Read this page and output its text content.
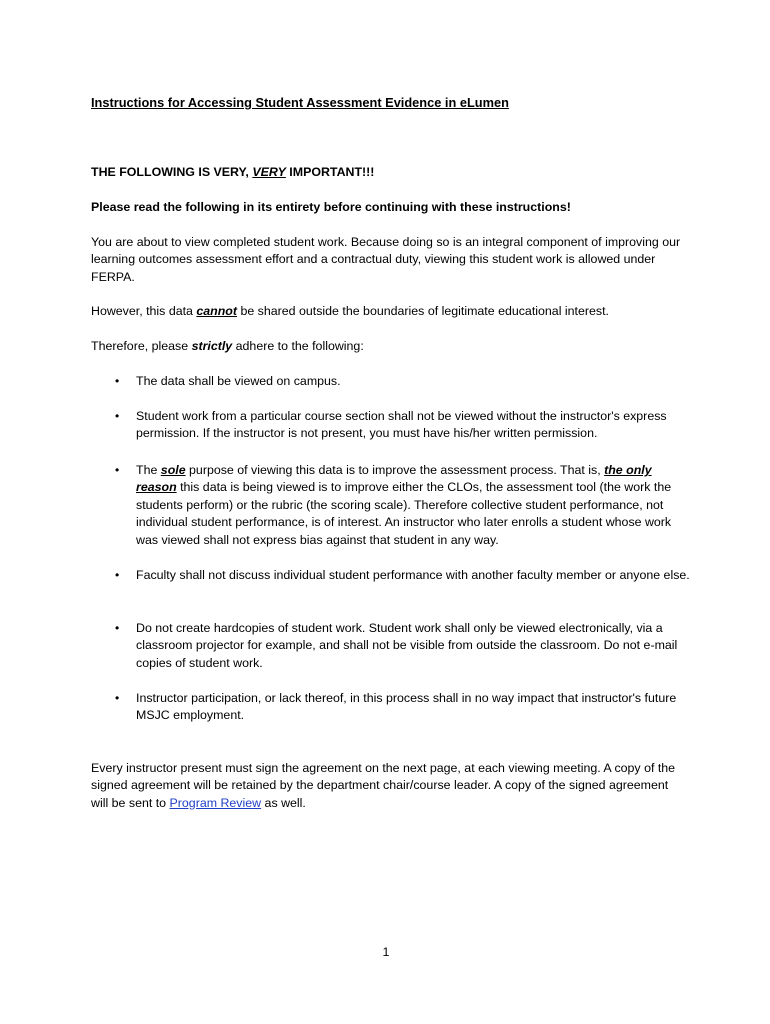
Instructions for Accessing Student Assessment Evidence in eLumen

THE FOLLOWING IS VERY, VERY IMPORTANT!!!

Please read the following in its entirety before continuing with these instructions!

You are about to view completed student work. Because doing so is an integral component of improving our learning outcomes assessment effort and a contractual duty, viewing this student work is allowed under FERPA.

However, this data cannot be shared outside the boundaries of legitimate educational interest.

Therefore, please strictly adhere to the following:

• The data shall be viewed on campus.
• Student work from a particular course section shall not be viewed without the instructor's express permission. If the instructor is not present, you must have his/her written permission.
• The sole purpose of viewing this data is to improve the assessment process. That is, the only reason this data is being viewed is to improve either the CLOs, the assessment tool (the work the students perform) or the rubric (the scoring scale). Therefore collective student performance, not individual student performance, is of interest. An instructor who later enrolls a student whose work was viewed shall not express bias against that student in any way.
• Faculty shall not discuss individual student performance with another faculty member or anyone else.
• Do not create hardcopies of student work. Student work shall only be viewed electronically, via a classroom projector for example, and shall not be visible from outside the classroom. Do not e-mail copies of student work.
• Instructor participation, or lack thereof, in this process shall in no way impact that instructor's future MSJC employment.

Every instructor present must sign the agreement on the next page, at each viewing meeting. A copy of the signed agreement will be retained by the department chair/course leader. A copy of the signed agreement will be sent to Program Review as well.

1
